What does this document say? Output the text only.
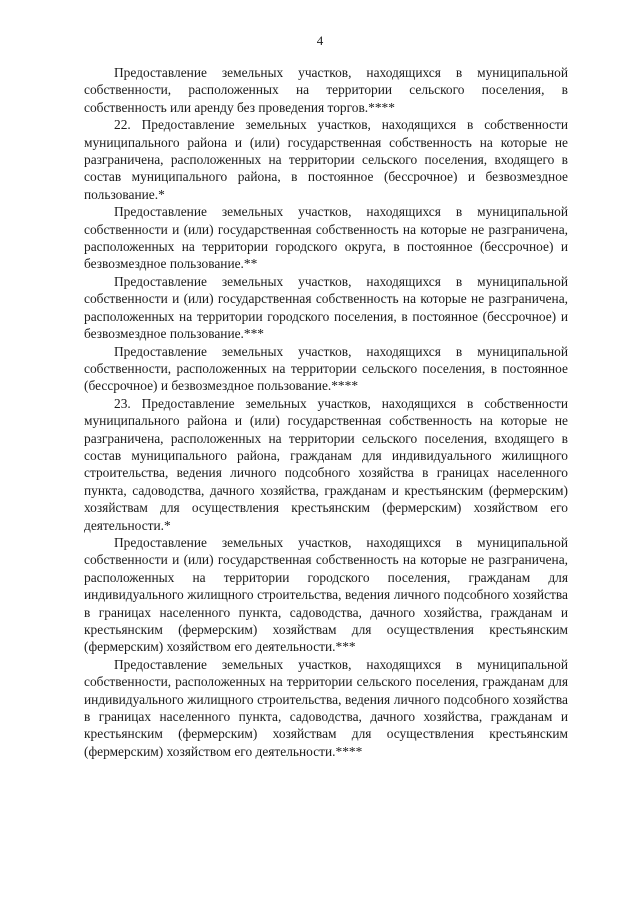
4

Предоставление земельных участков, находящихся в муниципальной собственности, расположенных на территории сельского поселения, в собственность или аренду без проведения торгов.****

22. Предоставление земельных участков, находящихся в собственности муниципального района и (или) государственная собственность на которые не разграничена, расположенных на территории сельского поселения, входящего в состав муниципального района, в постоянное (бессрочное) и безвозмездное пользование.*

Предоставление земельных участков, находящихся в муниципальной собственности и (или) государственная собственность на которые не разграничена, расположенных на территории городского округа, в постоянное (бессрочное) и безвозмездное пользование.**

Предоставление земельных участков, находящихся в муниципальной собственности и (или) государственная собственность на которые не разграничена, расположенных на территории городского поселения, в постоянное (бессрочное) и безвозмездное пользование.***

Предоставление земельных участков, находящихся в муниципальной собственности, расположенных на территории сельского поселения, в постоянное (бессрочное) и безвозмездное пользование.****

23. Предоставление земельных участков, находящихся в собственности муниципального района и (или) государственная собственность на которые не разграничена, расположенных на территории сельского поселения, входящего в состав муниципального района, гражданам для индивидуального жилищного строительства, ведения личного подсобного хозяйства в границах населенного пункта, садоводства, дачного хозяйства, гражданам и крестьянским (фермерским) хозяйствам для осуществления крестьянским (фермерским) хозяйством его деятельности.*

Предоставление земельных участков, находящихся в муниципальной собственности и (или) государственная собственность на которые не разграничена, расположенных на территории городского поселения, гражданам для индивидуального жилищного строительства, ведения личного подсобного хозяйства в границах населенного пункта, садоводства, дачного хозяйства, гражданам и крестьянским (фермерским) хозяйствам для осуществления крестьянским (фермерским) хозяйством его деятельности.***

Предоставление земельных участков, находящихся в муниципальной собственности, расположенных на территории сельского поселения, гражданам для индивидуального жилищного строительства, ведения личного подсобного хозяйства в границах населенного пункта, садоводства, дачного хозяйства, гражданам и крестьянским (фермерским) хозяйствам для осуществления крестьянским (фермерским) хозяйством его деятельности.****
